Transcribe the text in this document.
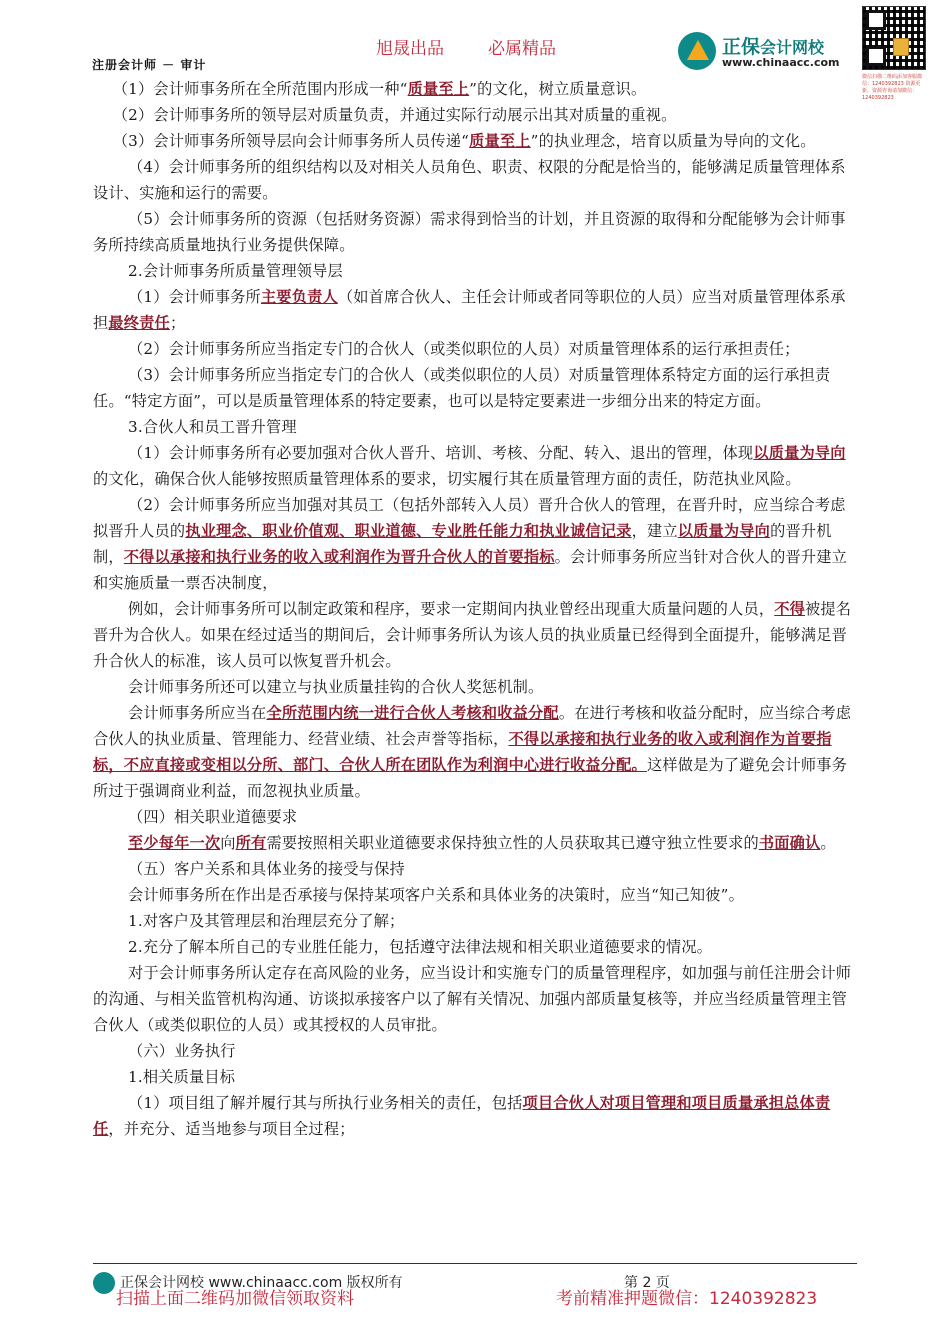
旭晟出品	必属精品
注册会计师 － 审计
正保会计网校
www.chinaacc.com
微信扫描二维码添加客服微信：1240392823 资源更新、资源咨询请加微信：1240392823

（1）会计师事务所在全所范围内形成一种“质量至上”的文化，树立质量意识。

（2）会计师事务所的领导层对质量负责，并通过实际行动展示出其对质量的重视。

（3）会计师事务所领导层向会计师事务所人员传递“质量至上”的执业理念，培育以质量为导向的文化。

（4）会计师事务所的组织结构以及对相关人员角色、职责、权限的分配是恰当的，能够满足质量管理体系设计、实施和运行的需要。

（5）会计师事务所的资源（包括财务资源）需求得到恰当的计划，并且资源的取得和分配能够为会计师事务所持续高质量地执行业务提供保障。

2.会计师事务所质量管理领导层

（1）会计师事务所主要负责人（如首席合伙人、主任会计师或者同等职位的人员）应当对质量管理体系承担最终责任；

（2）会计师事务所应当指定专门的合伙人（或类似职位的人员）对质量管理体系的运行承担责任；

（3）会计师事务所应当指定专门的合伙人（或类似职位的人员）对质量管理体系特定方面的运行承担责任。“特定方面”，可以是质量管理体系的特定要素，也可以是特定要素进一步细分出来的特定方面。

3.合伙人和员工晋升管理

（1）会计师事务所有必要加强对合伙人晋升、培训、考核、分配、转入、退出的管理，体现以质量为导向的文化，确保合伙人能够按照质量管理体系的要求，切实履行其在质量管理方面的责任，防范执业风险。

（2）会计师事务所应当加强对其员工（包括外部转入人员）晋升合伙人的管理，在晋升时，应当综合考虑拟晋升人员的执业理念、职业价值观、职业道德、专业胜任能力和执业诚信记录，建立以质量为导向的晋升机制，不得以承接和执行业务的收入或利润作为晋升合伙人的首要指标。会计师事务所应当针对合伙人的晋升建立和实施质量一票否决制度，

例如，会计师事务所可以制定政策和程序，要求一定期间内执业曾经出现重大质量问题的人员，不得被提名晋升为合伙人。如果在经过适当的期间后，会计师事务所认为该人员的执业质量已经得到全面提升，能够满足晋升合伙人的标准，该人员可以恢复晋升机会。

会计师事务所还可以建立与执业质量挂钩的合伙人奖惩机制。

会计师事务所应当在全所范围内统一进行合伙人考核和收益分配。在进行考核和收益分配时，应当综合考虑合伙人的执业质量、管理能力、经营业绩、社会声誉等指标，不得以承接和执行业务的收入或利润作为首要指标，不应直接或变相以分所、部门、合伙人所在团队作为利润中心进行收益分配。这样做是为了避免会计师事务所过于强调商业利益，而忽视执业质量。

（四）相关职业道德要求

至少每年一次向所有需要按照相关职业道德要求保持独立性的人员获取其已遵守独立性要求的书面确认。

（五）客户关系和具体业务的接受与保持

会计师事务所在作出是否承接与保持某项客户关系和具体业务的决策时，应当“知己知彼”。

1.对客户及其管理层和治理层充分了解；

2.充分了解本所自己的专业胜任能力，包括遵守法律法规和相关职业道德要求的情况。

对于会计师事务所认定存在高风险的业务，应当设计和实施专门的质量管理程序，如加强与前任注册会计师的沟通、与相关监管机构沟通、访谈拟承接客户以了解有关情况、加强内部质量复核等，并应当经质量管理主管合伙人（或类似职位的人员）或其授权的人员审批。

（六）业务执行

1.相关质量目标

（1）项目组了解并履行其与所执行业务相关的责任，包括项目合伙人对项目管理和项目质量承担总体责任，并充分、适当地参与项目全过程；

正保会计网校 www.chinaacc.com 版权所有	第 2 页
扫描上面二维码加微信领取资料	考前精准押题微信：1240392823
